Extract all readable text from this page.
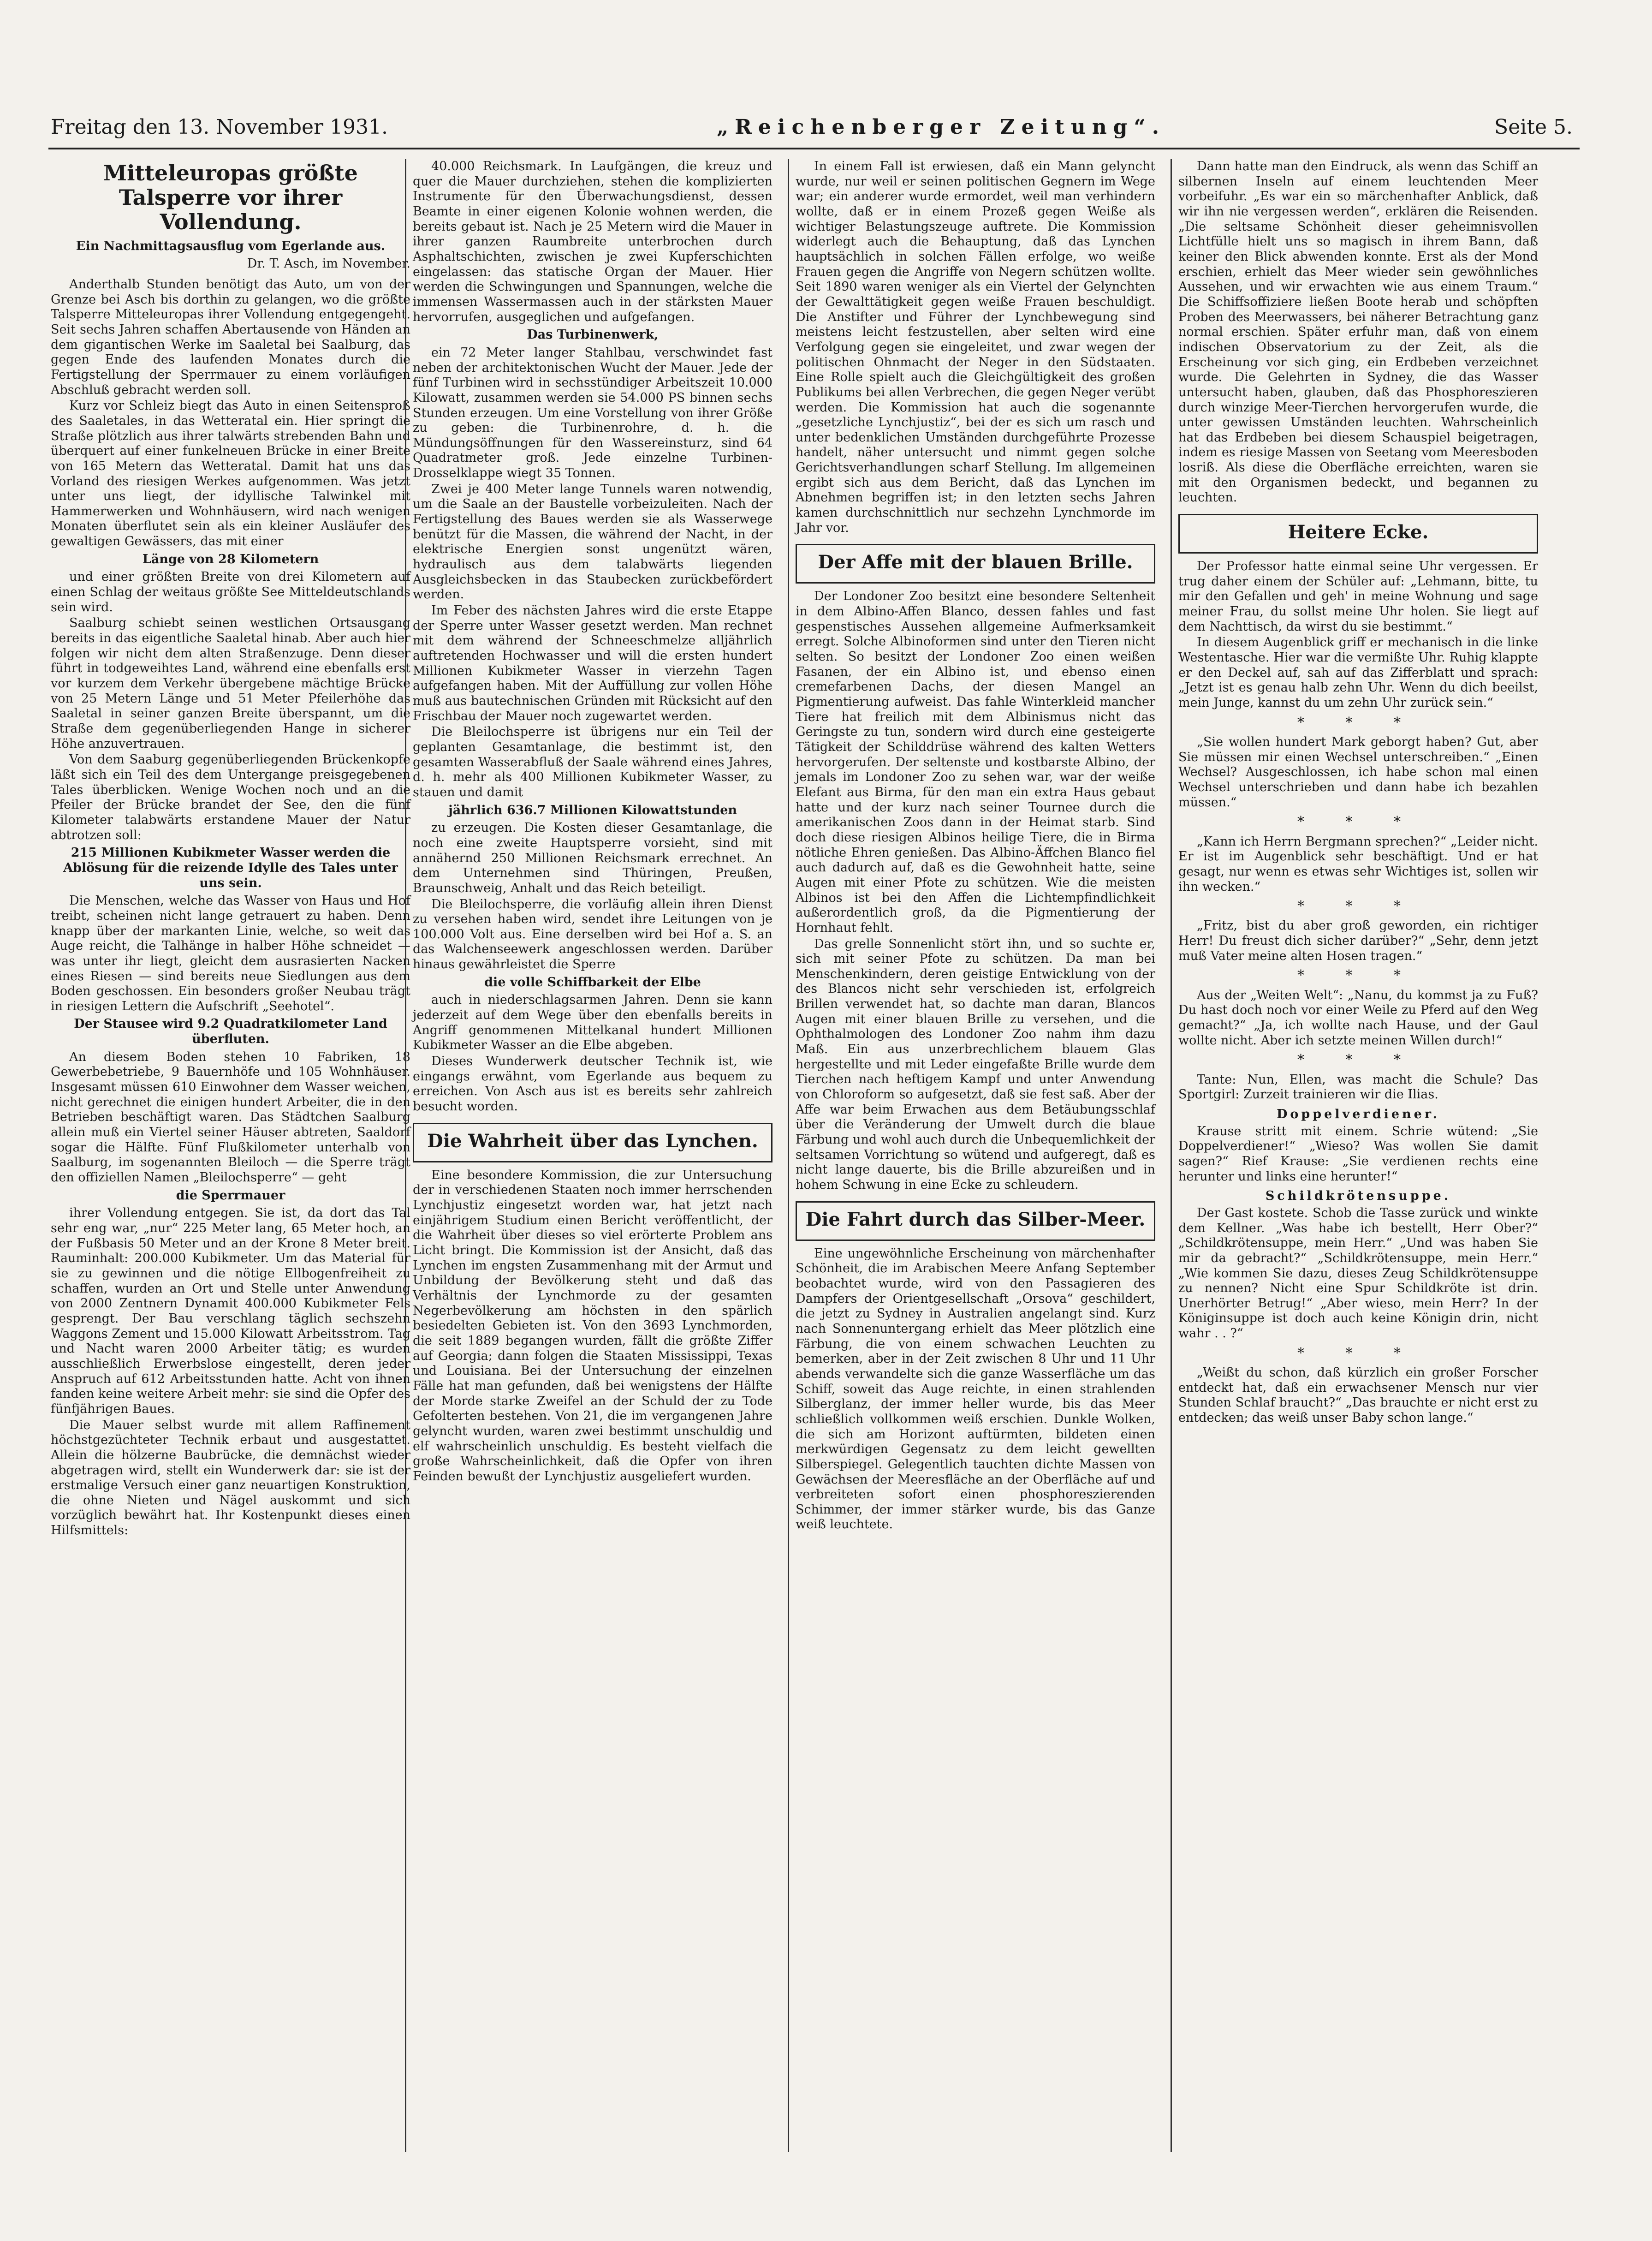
Freitag den 13. November 1931.	„Reichenberger Zeitung“.	Seite 5.
Mitteleuropas größte Talsperre vor ihrer Vollendung.
Ein Nachmittagsausflug vom Egerlande aus.
Dr. T. Asch, im November.

Anderthalb Stunden benötigt das Auto, um von der Grenze bei Asch bis dorthin zu gelangen, wo die größte Talsperre Mitteleuropas ihrer Vollendung entgegengeht. Seit sechs Jahren schaffen Abertausende von Händen an dem gigantischen Werke im Saaletal bei Saalburg, das gegen Ende des laufenden Monates durch die Fertigstellung der Sperrmauer zu einem vorläufigen Abschluß gebracht werden soll.

Kurz vor Schleiz biegt das Auto in einen Seitensproß des Saaletales, in das Wetteratal ein. Hier springt die Straße plötzlich aus ihrer talwärts strebenden Bahn und überquert auf einer funkelneuen Brücke in einer Breite von 165 Metern das Wetteratal. Damit hat uns das Vorland des riesigen Werkes aufgenommen. Was jetzt unter uns liegt, der idyllische Talwinkel mit Hammerwerken und Wohnhäusern, wird nach wenigen Monaten überflutet sein als ein kleiner Ausläufer des gewaltigen Gewässers, das mit einer

Länge von 28 Kilometern

und einer größten Breite von drei Kilometern auf einen Schlag der weitaus größte See Mitteldeutschlands sein wird.

Saalburg schiebt seinen westlichen Ortsausgang bereits in das eigentliche Saaletal hinab. Aber auch hier folgen wir nicht dem alten Straßenzuge. Denn dieser führt in todgeweihtes Land, während eine ebenfalls erst vor kurzem dem Verkehr übergebene mächtige Brücke von 25 Metern Länge und 51 Meter Pfeilerhöhe das Saaletal in seiner ganzen Breite überspannt, um die Straße dem gegenüberliegenden Hange in sicherer Höhe anzuvertrauen.

Von dem Saaburg gegenüberliegenden Brückenkopfe läßt sich ein Teil des dem Untergange preisgegebenen Tales überblicken. Wenige Wochen noch und an die Pfeiler der Brücke brandet der See, den die fünf Kilometer talabwärts erstandene Mauer der Natur abtrotzen soll:

215 Millionen Kubikmeter Wasser werden die Ablösung für die reizende Idylle des Tales unter uns sein.

Die Menschen, welche das Wasser von Haus und Hof treibt, scheinen nicht lange getrauert zu haben. Denn knapp über der markanten Linie, welche, so weit das Auge reicht, die Talhänge in halber Höhe schneidet — was unter ihr liegt, gleicht dem ausrasierten Nacken eines Riesen — sind bereits neue Siedlungen aus dem Boden geschossen. Ein besonders großer Neubau trägt in riesigen Lettern die Aufschrift „Seehotel“.

Der Stausee wird 9.2 Quadratkilometer Land überfluten.

An diesem Boden stehen 10 Fabriken, 18 Gewerbebetriebe, 9 Bauernhöfe und 105 Wohnhäuser. Insgesamt müssen 610 Einwohner dem Wasser weichen, nicht gerechnet die einigen hundert Arbeiter, die in den Betrieben beschäftigt waren. Das Städtchen Saalburg allein muß ein Viertel seiner Häuser abtreten, Saaldorf sogar die Hälfte. Fünf Flußkilometer unterhalb von Saalburg, im sogenannten Bleiloch — die Sperre trägt den offiziellen Namen „Bleilochsperre“ — geht

die Sperrmauer

ihrer Vollendung entgegen. Sie ist, da dort das Tal sehr eng war, „nur“ 225 Meter lang, 65 Meter hoch, an der Fußbasis 50 Meter und an der Krone 8 Meter breit. Rauminhalt: 200.000 Kubikmeter. Um das Material für sie zu gewinnen und die nötige Ellbogenfreiheit zu schaffen, wurden an Ort und Stelle unter Anwendung von 2000 Zentnern Dynamit 400.000 Kubikmeter Fels gesprengt. Der Bau verschlang täglich sechszehn Waggons Zement und 15.000 Kilowatt Arbeitsstrom. Tag und Nacht waren 2000 Arbeiter tätig; es wurden ausschließlich Erwerbslose eingestellt, deren jeder Anspruch auf 612 Arbeitsstunden hatte. Acht von ihnen fanden keine weitere Arbeit mehr: sie sind die Opfer des fünfjährigen Baues.

Die Mauer selbst wurde mit allem Raffinement höchstgezüchteter Technik erbaut und ausgestattet. Allein die hölzerne Baubrücke, die demnächst wieder abgetragen wird, stellt ein Wunderwerk dar: sie ist der erstmalige Versuch einer ganz neuartigen Konstruktion, die ohne Nieten und Nägel auskommt und sich vorzüglich bewährt hat. Ihr Kostenpunkt dieses einen Hilfsmittels:

40.000 Reichsmark. In Laufgängen, die kreuz und quer die Mauer durchziehen, stehen die komplizierten Instrumente für den Überwachungsdienst, dessen Beamte in einer eigenen Kolonie wohnen werden, die bereits gebaut ist. Nach je 25 Metern wird die Mauer in ihrer ganzen Raumbreite unterbrochen durch Asphaltschichten, zwischen je zwei Kupferschichten eingelassen: das statische Organ der Mauer. Hier werden die Schwingungen und Spannungen, welche die immensen Wassermassen auch in der stärksten Mauer hervorrufen, ausgeglichen und aufgefangen.

Das Turbinenwerk,

ein 72 Meter langer Stahlbau, verschwindet fast neben der architektonischen Wucht der Mauer. Jede der fünf Turbinen wird in sechsstündiger Arbeitszeit 10.000 Kilowatt, zusammen werden sie 54.000 PS binnen sechs Stunden erzeugen. Um eine Vorstellung von ihrer Größe zu geben: die Turbinenrohre, d. h. die Mündungsöffnungen für den Wassereinsturz, sind 64 Quadratmeter groß. Jede einzelne Turbinen-Drosselklappe wiegt 35 Tonnen.

Zwei je 400 Meter lange Tunnels waren notwendig, um die Saale an der Baustelle vorbeizuleiten. Nach der Fertigstellung des Baues werden sie als Wasserwege benützt für die Massen, die während der Nacht, in der elektrische Energien sonst ungenützt wären, hydraulisch aus dem talabwärts liegenden Ausgleichsbecken in das Staubecken zurückbefördert werden.

Im Feber des nächsten Jahres wird die erste Etappe der Sperre unter Wasser gesetzt werden. Man rechnet mit dem während der Schneeschmelze alljährlich auftretenden Hochwasser und will die ersten hundert Millionen Kubikmeter Wasser in vierzehn Tagen aufgefangen haben. Mit der Auffüllung zur vollen Höhe muß aus bautechnischen Gründen mit Rücksicht auf den Frischbau der Mauer noch zugewartet werden.

Die Bleilochsperre ist übrigens nur ein Teil der geplanten Gesamtanlage, die bestimmt ist, den gesamten Wasserabfluß der Saale während eines Jahres, d. h. mehr als 400 Millionen Kubikmeter Wasser, zu stauen und damit

jährlich 636.7 Millionen Kilowattstunden

zu erzeugen. Die Kosten dieser Gesamtanlage, die noch eine zweite Hauptsperre vorsieht, sind mit annähernd 250 Millionen Reichsmark errechnet. An dem Unternehmen sind Thüringen, Preußen, Braunschweig, Anhalt und das Reich beteiligt.

Die Bleilochsperre, die vorläufig allein ihren Dienst zu versehen haben wird, sendet ihre Leitungen von je 100.000 Volt aus. Eine derselben wird bei Hof a. S. an das Walchenseewerk angeschlossen werden. Darüber hinaus gewährleistet die Sperre

die volle Schiffbarkeit der Elbe

auch in niederschlagsarmen Jahren. Denn sie kann jederzeit auf dem Wege über den ebenfalls bereits in Angriff genommenen Mittelkanal hundert Millionen Kubikmeter Wasser an die Elbe abgeben.

Dieses Wunderwerk deutscher Technik ist, wie eingangs erwähnt, vom Egerlande aus bequem zu erreichen. Von Asch aus ist es bereits sehr zahlreich besucht worden.

Die Wahrheit über das Lynchen.

Eine besondere Kommission, die zur Untersuchung der in verschiedenen Staaten noch immer herrschenden Lynchjustiz eingesetzt worden war, hat jetzt nach einjährigem Studium einen Bericht veröffentlicht, der die Wahrheit über dieses so viel erörterte Problem ans Licht bringt. Die Kommission ist der Ansicht, daß das Lynchen im engsten Zusammenhang mit der Armut und Unbildung der Bevölkerung steht und daß das Verhältnis der Lynchmorde zu der gesamten Negerbevölkerung am höchsten in den spärlich besiedelten Gebieten ist. Von den 3693 Lynchmorden, die seit 1889 begangen wurden, fällt die größte Ziffer auf Georgia; dann folgen die Staaten Mississippi, Texas und Louisiana. Bei der Untersuchung der einzelnen Fälle hat man gefunden, daß bei wenigstens der Hälfte der Morde starke Zweifel an der Schuld der zu Tode Gefolterten bestehen. Von 21, die im vergangenen Jahre gelyncht wurden, waren zwei bestimmt unschuldig und elf wahrscheinlich unschuldig. Es besteht vielfach die große Wahrscheinlichkeit, daß die Opfer von ihren Feinden bewußt der Lynchjustiz ausgeliefert wurden.

In einem Fall ist erwiesen, daß ein Mann gelyncht wurde, nur weil er seinen politischen Gegnern im Wege war; ein anderer wurde ermordet, weil man verhindern wollte, daß er in einem Prozeß gegen Weiße als wichtiger Belastungszeuge auftrete. Die Kommission widerlegt auch die Behauptung, daß das Lynchen hauptsächlich in solchen Fällen erfolge, wo weiße Frauen gegen die Angriffe von Negern schützen wollte. Seit 1890 waren weniger als ein Viertel der Gelynchten der Gewalttätigkeit gegen weiße Frauen beschuldigt. Die Anstifter und Führer der Lynchbewegung sind meistens leicht festzustellen, aber selten wird eine Verfolgung gegen sie eingeleitet, und zwar wegen der politischen Ohnmacht der Neger in den Südstaaten. Eine Rolle spielt auch die Gleichgültigkeit des großen Publikums bei allen Verbrechen, die gegen Neger verübt werden. Die Kommission hat auch die sogenannte „gesetzliche Lynchjustiz“, bei der es sich um rasch und unter bedenklichen Umständen durchgeführte Prozesse handelt, näher untersucht und nimmt gegen solche Gerichtsverhandlungen scharf Stellung. Im allgemeinen ergibt sich aus dem Bericht, daß das Lynchen im Abnehmen begriffen ist; in den letzten sechs Jahren kamen durchschnittlich nur sechzehn Lynchmorde im Jahr vor.

Der Affe mit der blauen Brille.

Der Londoner Zoo besitzt eine besondere Seltenheit in dem Albino-Affen Blanco, dessen fahles und fast gespenstisches Aussehen allgemeine Aufmerksamkeit erregt. Solche Albinoformen sind unter den Tieren nicht selten. So besitzt der Londoner Zoo einen weißen Fasanen, der ein Albino ist, und ebenso einen cremefarbenen Dachs, der diesen Mangel an Pigmentierung aufweist. Das fahle Winterkleid mancher Tiere hat freilich mit dem Albinismus nicht das Geringste zu tun, sondern wird durch eine gesteigerte Tätigkeit der Schilddrüse während des kalten Wetters hervorgerufen. Der seltenste und kostbarste Albino, der jemals im Londoner Zoo zu sehen war, war der weiße Elefant aus Birma, für den man ein extra Haus gebaut hatte und der kurz nach seiner Tournee durch die amerikanischen Zoos dann in der Heimat starb. Sind doch diese riesigen Albinos heilige Tiere, die in Birma nötliche Ehren genießen. Das Albino-Äffchen Blanco fiel auch dadurch auf, daß es die Gewohnheit hatte, seine Augen mit einer Pfote zu schützen. Wie die meisten Albinos ist bei den Affen die Lichtempfindlichkeit außerordentlich groß, da die Pigmentierung der Hornhaut fehlt.

Das grelle Sonnenlicht stört ihn, und so suchte er, sich mit seiner Pfote zu schützen. Da man bei Menschenkindern, deren geistige Entwicklung von der des Blancos nicht sehr verschieden ist, erfolgreich Brillen verwendet hat, so dachte man daran, Blancos Augen mit einer blauen Brille zu versehen, und die Ophthalmologen des Londoner Zoo nahm ihm dazu Maß. Ein aus unzerbrechlichem blauem Glas hergestellte und mit Leder eingefaßte Brille wurde dem Tierchen nach heftigem Kampf und unter Anwendung von Chloroform so aufgesetzt, daß sie fest saß. Aber der Affe war beim Erwachen aus dem Betäubungsschlaf über die Veränderung der Umwelt durch die blaue Färbung und wohl auch durch die Unbequemlichkeit der seltsamen Vorrichtung so wütend und aufgeregt, daß es nicht lange dauerte, bis die Brille abzureißen und in hohem Schwung in eine Ecke zu schleudern.

Die Fahrt durch das Silber-Meer.

Eine ungewöhnliche Erscheinung von märchenhafter Schönheit, die im Arabischen Meere Anfang September beobachtet wurde, wird von den Passagieren des Dampfers der Orientgesellschaft „Orsova“ geschildert, die jetzt zu Sydney in Australien angelangt sind. Kurz nach Sonnenuntergang erhielt das Meer plötzlich eine Färbung, die von einem schwachen Leuchten zu bemerken, aber in der Zeit zwischen 8 Uhr und 11 Uhr abends verwandelte sich die ganze Wasserfläche um das Schiff, soweit das Auge reichte, in einen strahlenden Silberglanz, der immer heller wurde, bis das Meer schließlich vollkommen weiß erschien. Dunkle Wolken, die sich am Horizont auftürmten, bildeten einen merkwürdigen Gegensatz zu dem leicht gewellten Silberspiegel. Gelegentlich tauchten dichte Massen von Gewächsen der Meeresfläche an der Oberfläche auf und verbreiteten sofort einen phosphoreszierenden Schimmer, der immer stärker wurde, bis das Ganze weiß leuchtete.

Dann hatte man den Eindruck, als wenn das Schiff an silbernen Inseln auf einem leuchtenden Meer vorbeifuhr. „Es war ein so märchenhafter Anblick, daß wir ihn nie vergessen werden“, erklären die Reisenden. „Die seltsame Schönheit dieser geheimnisvollen Lichtfülle hielt uns so magisch in ihrem Bann, daß keiner den Blick abwenden konnte. Erst als der Mond erschien, erhielt das Meer wieder sein gewöhnliches Aussehen, und wir erwachten wie aus einem Traum.“ Die Schiffsoffiziere ließen Boote herab und schöpften Proben des Meerwassers, bei näherer Betrachtung ganz normal erschien. Später erfuhr man, daß von einem indischen Observatorium zu der Zeit, als die Erscheinung vor sich ging, ein Erdbeben verzeichnet wurde. Die Gelehrten in Sydney, die das Wasser untersucht haben, glauben, daß das Phosphoreszieren durch winzige Meer-Tierchen hervorgerufen wurde, die unter gewissen Umständen leuchten. Wahrscheinlich hat das Erdbeben bei diesem Schauspiel beigetragen, indem es riesige Massen von Seetang vom Meeresboden losriß. Als diese die Oberfläche erreichten, waren sie mit den Organismen bedeckt, und begannen zu leuchten.

Heitere Ecke.

Der Professor hatte einmal seine Uhr vergessen. Er trug daher einem der Schüler auf: „Lehmann, bitte, tu mir den Gefallen und geh' in meine Wohnung und sage meiner Frau, du sollst meine Uhr holen. Sie liegt auf dem Nachttisch, da wirst du sie bestimmt.“

In diesem Augenblick griff er mechanisch in die linke Westentasche. Hier war die vermißte Uhr. Ruhig klappte er den Deckel auf, sah auf das Zifferblatt und sprach: „Jetzt ist es genau halb zehn Uhr. Wenn du dich beeilst, mein Junge, kannst du um zehn Uhr zurück sein.“

* * *

„Sie wollen hundert Mark geborgt haben? Gut, aber Sie müssen mir einen Wechsel unterschreiben.“ „Einen Wechsel? Ausgeschlossen, ich habe schon mal einen Wechsel unterschrieben und dann habe ich bezahlen müssen.“

* * *

„Kann ich Herrn Bergmann sprechen?“ „Leider nicht. Er ist im Augenblick sehr beschäftigt. Und er hat gesagt, nur wenn es etwas sehr Wichtiges ist, sollen wir ihn wecken.“

* * *

„Fritz, bist du aber groß geworden, ein richtiger Herr! Du freust dich sicher darüber?“ „Sehr, denn jetzt muß Vater meine alten Hosen tragen.“

* * *

Aus der „Weiten Welt“: „Nanu, du kommst ja zu Fuß? Du hast doch noch vor einer Weile zu Pferd auf den Weg gemacht?“ „Ja, ich wollte nach Hause, und der Gaul wollte nicht. Aber ich setzte meinen Willen durch!“

* * *

Tante: Nun, Ellen, was macht die Schule? Das Sportgirl: Zurzeit trainieren wir die Ilias.

Doppelverdiener.

Krause stritt mit einem. Schrie wütend: „Sie Doppelverdiener!“ „Wieso? Was wollen Sie damit sagen?“ Rief Krause: „Sie verdienen rechts eine herunter und links eine herunter!“

Schildkrötensuppe.

Der Gast kostete. Schob die Tasse zurück und winkte dem Kellner. „Was habe ich bestellt, Herr Ober?“ „Schildkrötensuppe, mein Herr.“ „Und was haben Sie mir da gebracht?“ „Schildkrötensuppe, mein Herr.“ „Wie kommen Sie dazu, dieses Zeug Schildkrötensuppe zu nennen? Nicht eine Spur Schildkröte ist drin. Unerhörter Betrug!“ „Aber wieso, mein Herr? In der Königinsuppe ist doch auch keine Königin drin, nicht wahr . . ?“

* * *

„Weißt du schon, daß kürzlich ein großer Forscher entdeckt hat, daß ein erwachsener Mensch nur vier Stunden Schlaf braucht?“ „Das brauchte er nicht erst zu entdecken; das weiß unser Baby schon lange.“
